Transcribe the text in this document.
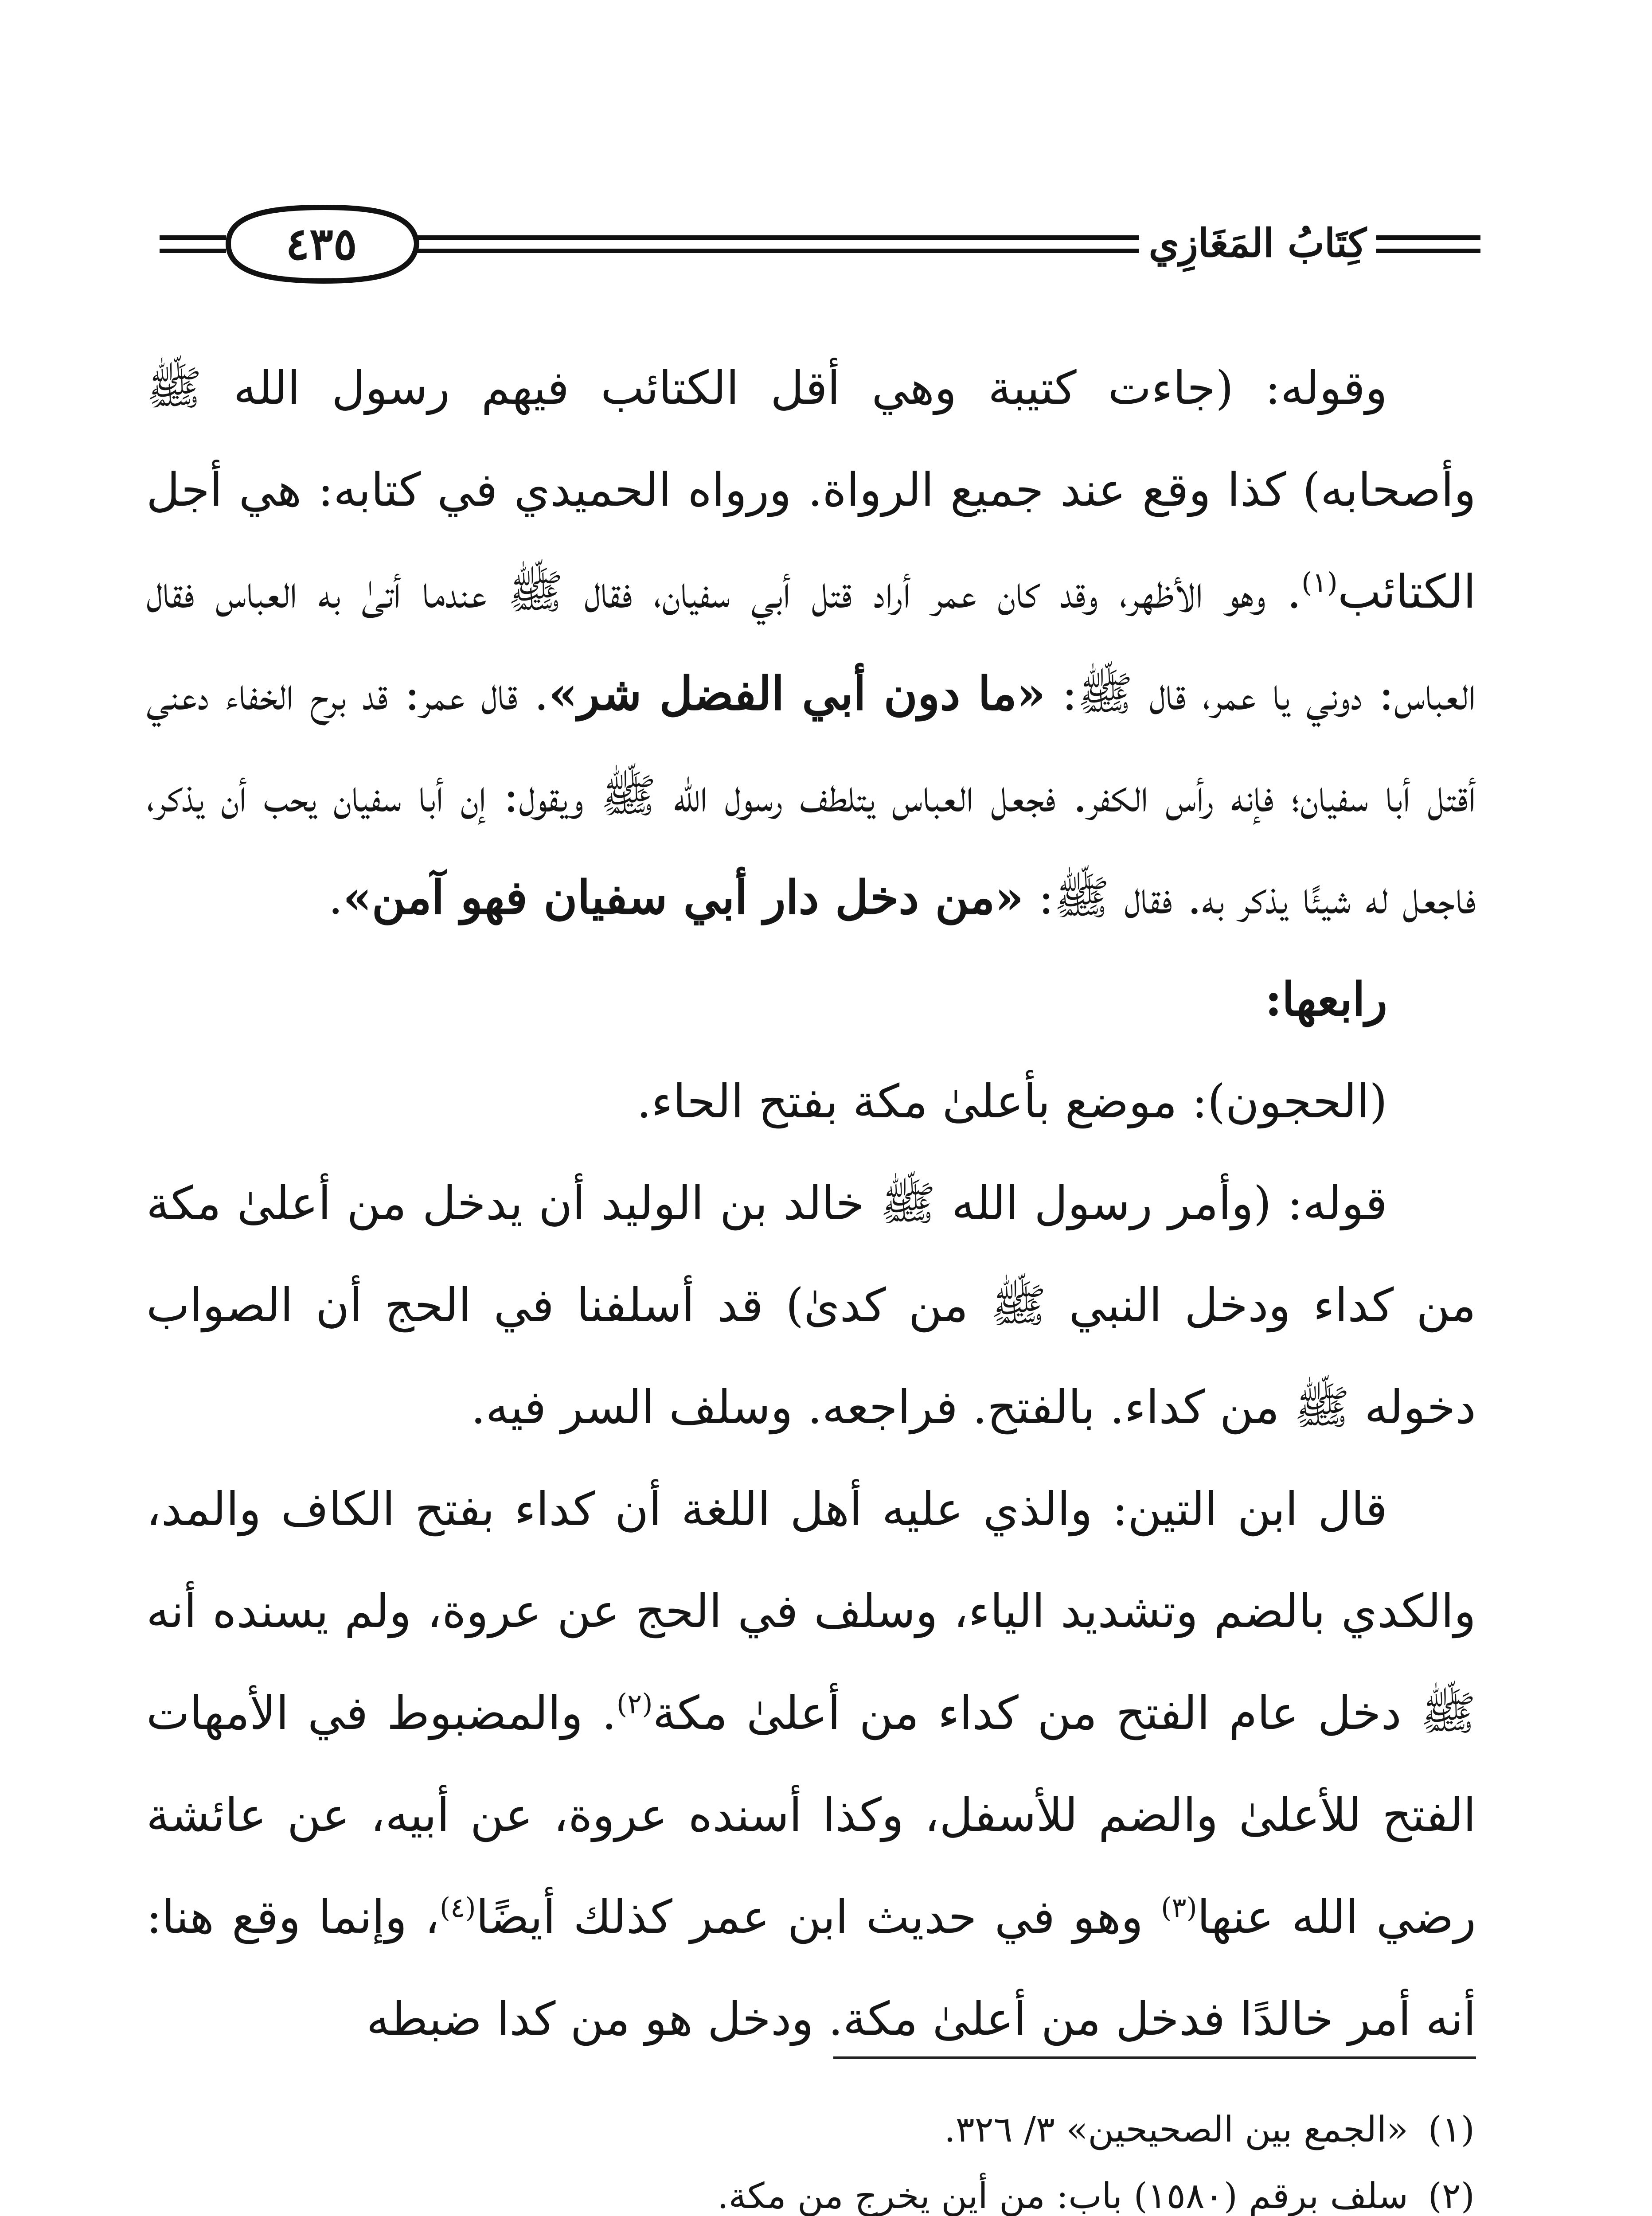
كِتَابُ المَغَازِي
٤٣٥

وقوله: (جاءت كتيبة وهي أقل الكتائب فيهم رسول الله ﷺ وأصحابه) كذا وقع عند جميع الرواة. ورواه الحميدي في كتابه: هي أجل الكتائب$^{(١)}$. وهو الأظهر، وقد كان عمر أراد قتل أبي سفيان، فقال ﷺ عندما أتىٰ به العباس فقال العباس: دوني يا عمر، قال ﷺ: «ما دون أبي الفضل شر». قال عمر: قد برح الخفاء دعني أقتل أبا سفيان؛ فإنه رأس الكفر. فجعل العباس يتلطف رسول الله ﷺ ويقول: إن أبا سفيان يحب أن يذكر، فاجعل له شيئًا يذكر به. فقال ﷺ: «من دخل دار أبي سفيان فهو آمن».

رابعها:

(الحجون): موضع بأعلىٰ مكة بفتح الحاء.

قوله: (وأمر رسول الله ﷺ خالد بن الوليد أن يدخل من أعلىٰ مكة من كداء ودخل النبي ﷺ من كدىٰ) قد أسلفنا في الحج أن الصواب دخوله ﷺ من كداء. بالفتح. فراجعه. وسلف السر فيه.

قال ابن التين: والذي عليه أهل اللغة أن كداء بفتح الكاف والمد، والكدي بالضم وتشديد الياء، وسلف في الحج عن عروة، ولم يسنده أنه ﷺ دخل عام الفتح من كداء من أعلىٰ مكة$^{(٢)}$. والمضبوط في الأمهات الفتح للأعلىٰ والضم للأسفل، وكذا أسنده عروة، عن أبيه، عن عائشة رضي الله عنها$^{(٣)}$ وهو في حديث ابن عمر كذلك أيضًا$^{(٤)}$، وإنما وقع هنا: أنه أمر خالدًا فدخل من أعلىٰ مكة. ودخل هو من كدا ضبطه

(١)
«الجمع بين الصحيحين» ٣/ ٣٢٦.
(٢)
سلف برقم (١٥٨٠) باب: من أين يخرج من مكة.
